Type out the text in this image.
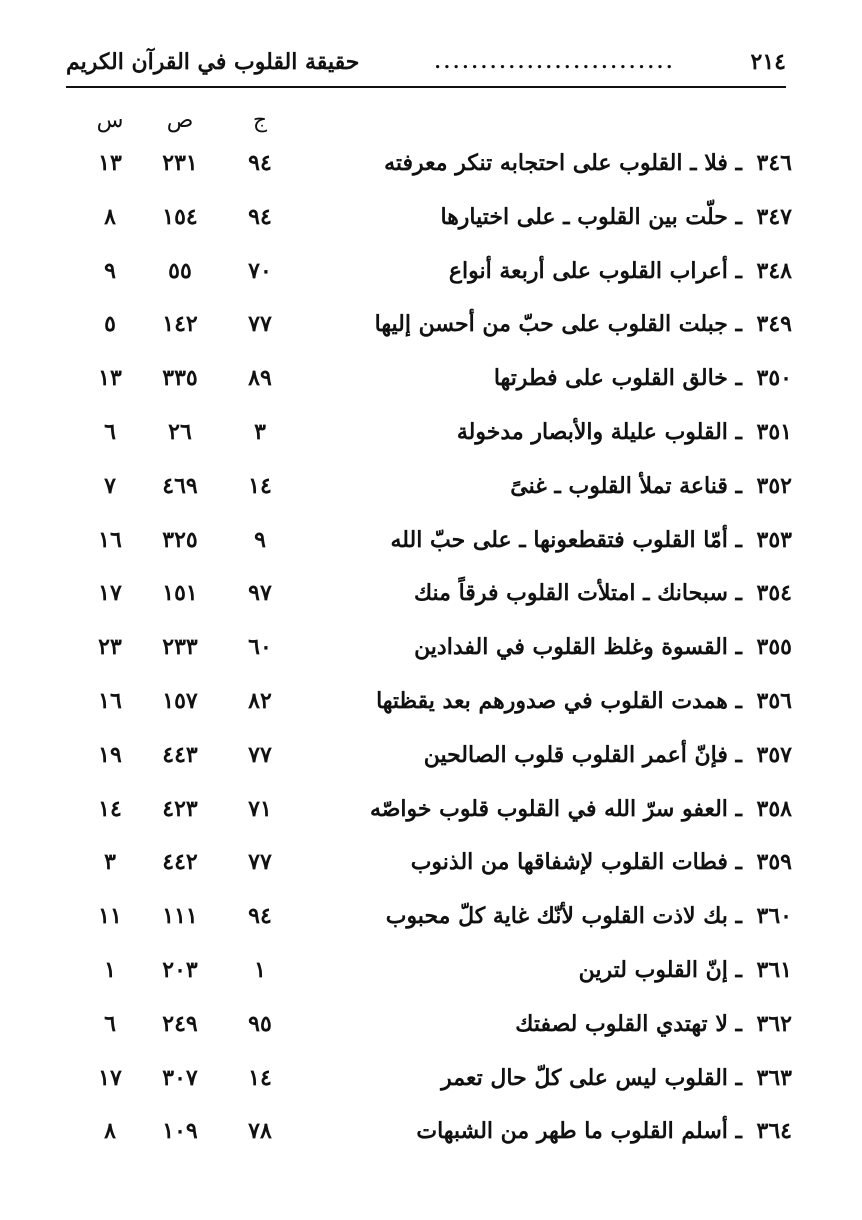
٢١٤
..........................
حقيقة القلوب في القرآن الكريم
ج
ص
س
٣٤٦
ـ فلا ـ القلوب على احتجابه تنكر معرفته
٩٤
٢٣١
١٣
٣٤٧
ـ حلّت بين القلوب ـ على اختيارها
٩٤
١٥٤
٨
٣٤٨
ـ أعراب القلوب على أربعة أنواع
٧٠
٥٥
٩
٣٤٩
ـ جبلت القلوب على حبّ من أحسن إليها
٧٧
١٤٢
٥
٣٥٠
ـ خالق القلوب على فطرتها
٨٩
٣٣٥
١٣
٣٥١
ـ القلوب عليلة والأبصار مدخولة
٣
٢٦
٦
٣٥٢
ـ قناعة تملأ القلوب ـ غنىً
١٤
٤٦٩
٧
٣٥٣
ـ أمّا القلوب فتقطعونها ـ على حبّ الله
٩
٣٢٥
١٦
٣٥٤
ـ سبحانك ـ امتلأت القلوب فرقاً منك
٩٧
١٥١
١٧
٣٥٥
ـ القسوة وغلظ القلوب في الفدادين
٦٠
٢٣٣
٢٣
٣٥٦
ـ همدت القلوب في صدورهم بعد يقظتها
٨٢
١٥٧
١٦
٣٥٧
ـ فإنّ أعمر القلوب قلوب الصالحين
٧٧
٤٤٣
١٩
٣٥٨
ـ العفو سرّ الله في القلوب قلوب خواصّه
٧١
٤٢٣
١٤
٣٥٩
ـ فطات القلوب لإشفاقها من الذنوب
٧٧
٤٤٢
٣
٣٦٠
ـ بك لاذت القلوب لأنّك غاية كلّ محبوب
٩٤
١١١
١١
٣٦١
ـ إنّ القلوب لترين
١
٢٠٣
١
٣٦٢
ـ لا تهتدي القلوب لصفتك
٩٥
٢٤٩
٦
٣٦٣
ـ القلوب ليس على كلّ حال تعمر
١٤
٣٠٧
١٧
٣٦٤
ـ أسلم القلوب ما طهر من الشبهات
٧٨
١٠٩
٨
